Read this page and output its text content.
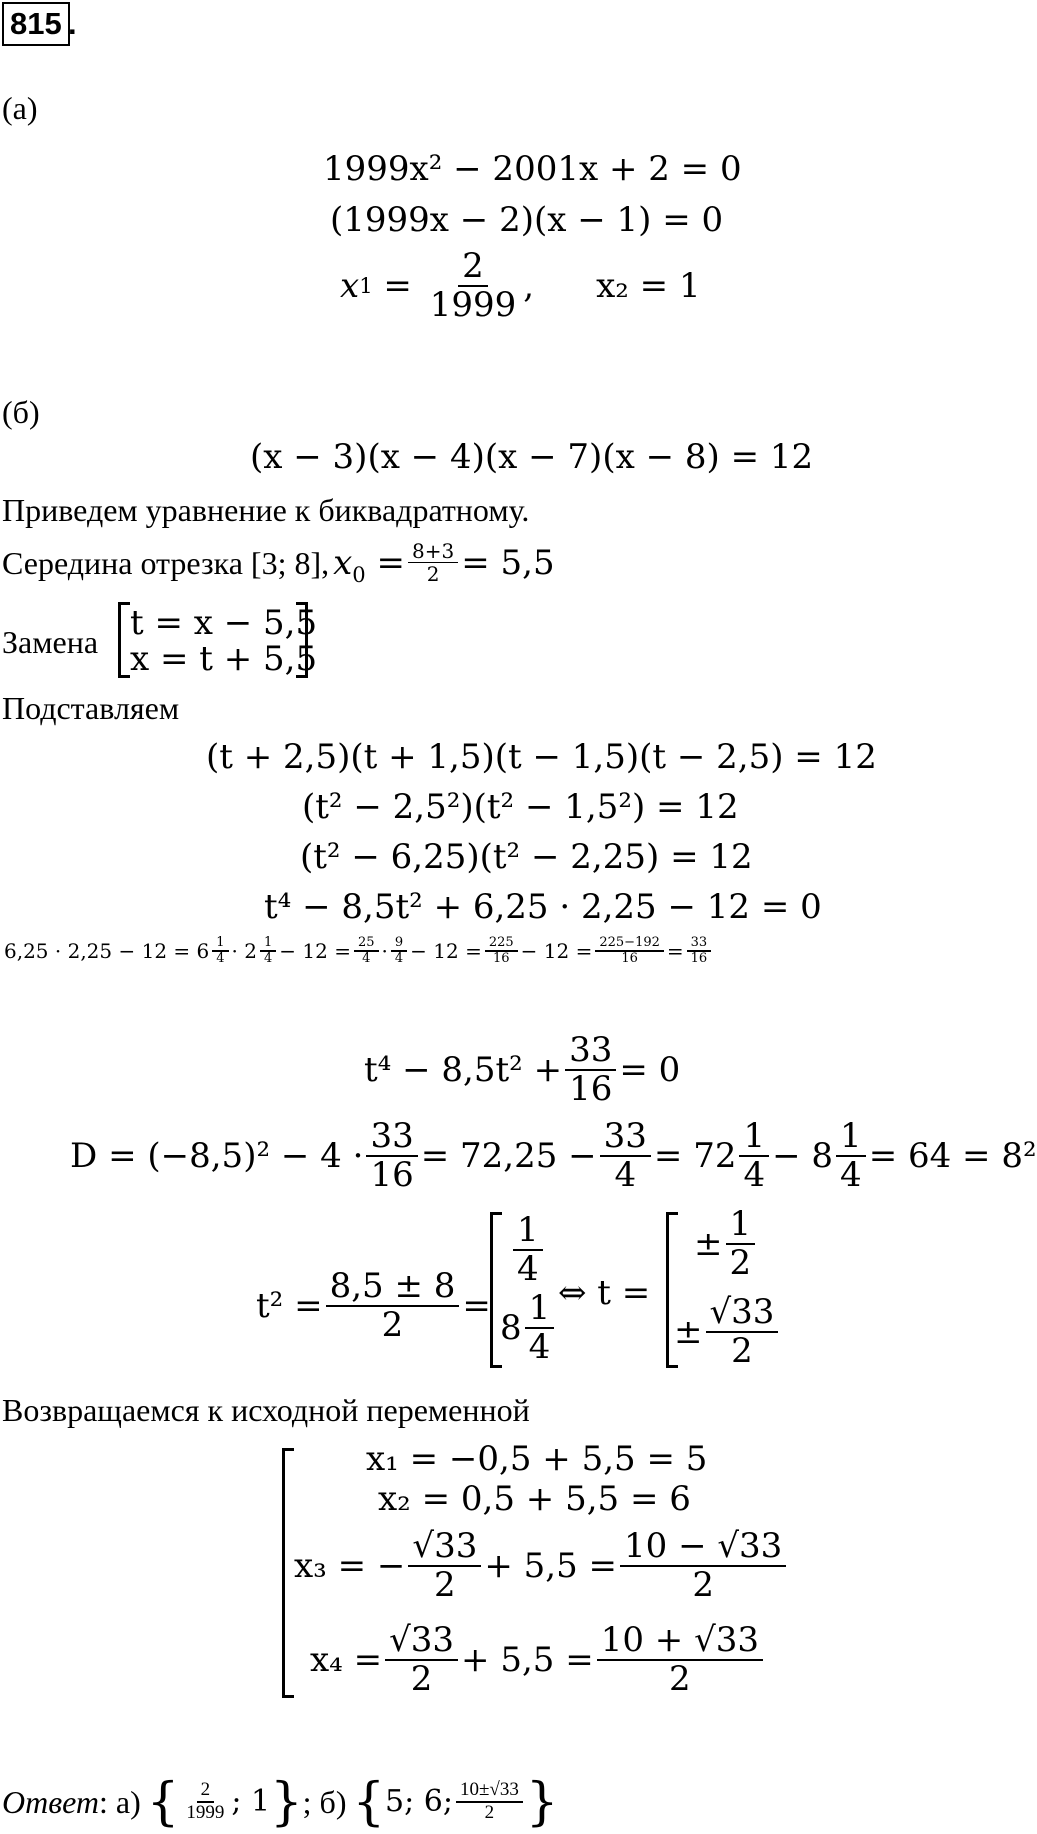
815 .
(а)
1999x² − 2001x + 2 = 0
(1999x − 2)(x − 1) = 0
x $1 = \frac{2}{1999}$ , x₂ = 1
(б)
(x − 3)(x − 4)(x − 7)(x − 8) = 12
Приведем уравнение к биквадратному.
Середина отрезка [3; 8], $x_0 = \frac{8+3}{2} = 5,5$
Замена t = x − 5,5
x = t + 5,5
Подставляем
(t + 2,5)(t + 1,5)(t − 1,5)(t − 2,5) = 12
(t² − 2,5²)(t² − 1,5²) = 12
(t² − 6,25)(t² − 2,25) = 12
t⁴ − 8,5t² + 6,25 · 2,25 − 12 = 0
$6,25 \cdot 2,25 - 12 = 6 \frac{1}{4} \cdot 2 \frac{1}{4} - 12 = \frac{25}{4} \cdot \frac{9}{4} - 12 = \frac{225}{16} - 12 = \frac{225-192}{16} = \frac{33}{16}$
$t^4 - 8,5t^2 + \frac{33}{16} = 0$
$D = (-8,5)^2 - 4 \cdot \frac{33}{16} = 72,25 - \frac{33}{4} = 72 \frac{1}{4} - 8 \frac{1}{4} = 64 = 8^2$
$t^2 = \frac{8,5 \pm 8}{2}$ =
$\frac{1}{4}$
$8 \frac{1}{4}$ ⇔ t =
± $\frac{1}{2}$
± $\frac{√33}{2}$
Возвращаемся к исходной переменной
x₁ = −0,5 + 5,5 = 5
x₂ = 0,5 + 5,5 = 6
x₃ = − $\frac{√33}{2} + 5,5 = \frac{10 - √33}{2}$
$x_4 = \frac{√33}{2} + 5,5 = \frac{10 + √33}{2}$
Ответ : а) { $\frac{2}{1999}$ ; 1 } ; б) { 5; 6; $\frac{10\pm√33}{2}$ }
